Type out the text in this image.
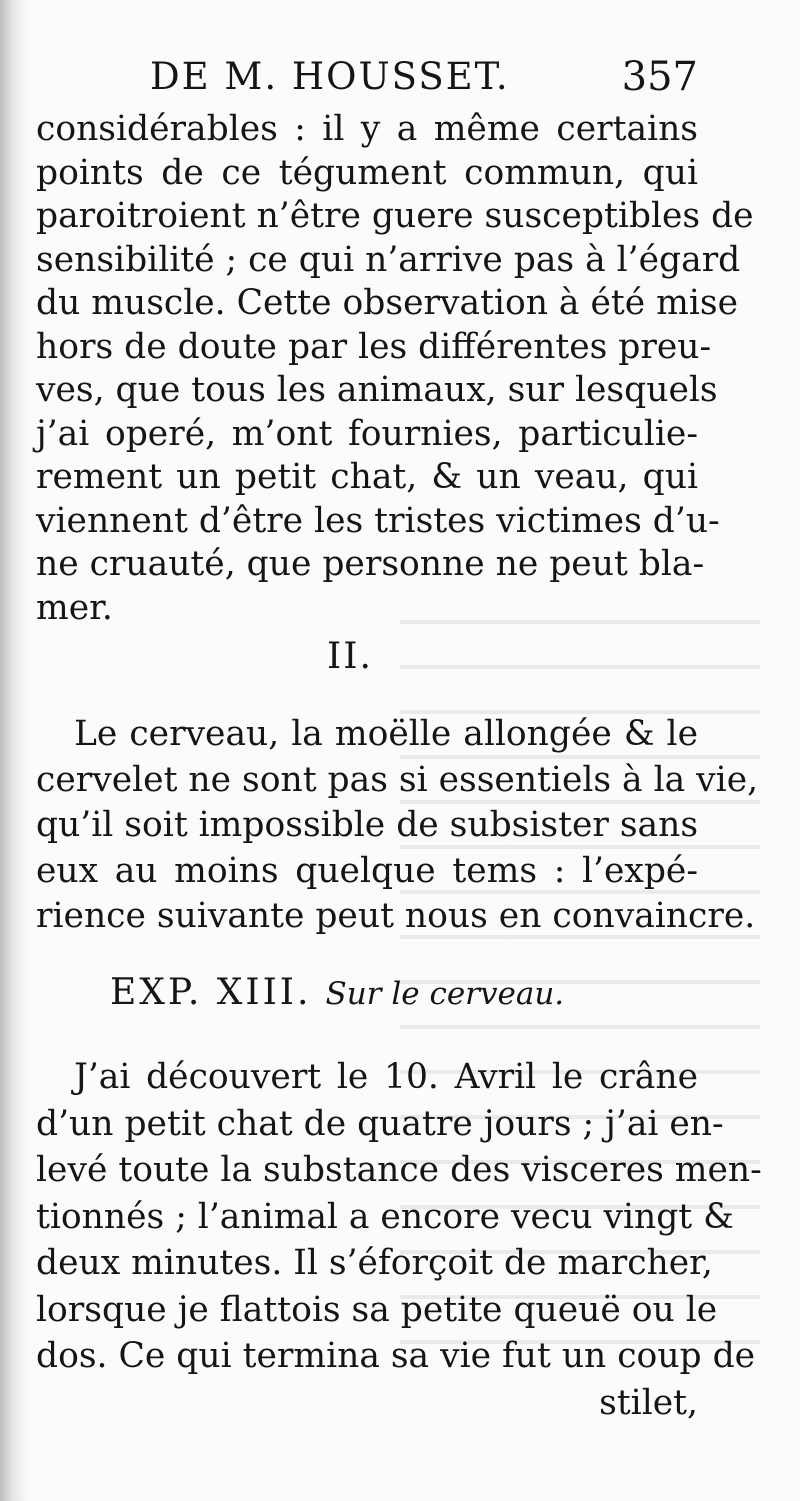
DE M. HOUSSET.	357
considérables : il y a même certains
points de ce tégument commun, qui
paroitroient n’être guere susceptibles de
sensibilité ; ce qui n’arrive pas à l’égard
du muscle. Cette observation à été mise
hors de doute par les différentes preu-
ves, que tous les animaux, sur lesquels
j’ai operé, m’ont fournies, particulie-
rement un petit chat, & un veau, qui
viennent d’être les tristes victimes d’u-
ne cruauté, que personne ne peut bla-
mer.
II.
Le cerveau, la moëlle allongée & le
cervelet ne sont pas si essentiels à la vie,
qu’il soit impossible de subsister sans
eux au moins quelque tems : l’expé-
rience suivante peut nous en convaincre.
EXP. XIII. Sur le cerveau.
J’ai découvert le 10. Avril le crâne
d’un petit chat de quatre jours ; j’ai en-
levé toute la substance des visceres men-
tionnés ; l’animal a encore vecu vingt &
deux minutes. Il s’éforçoit de marcher,
lorsque je flattois sa petite queuë ou le
dos. Ce qui termina sa vie fut un coup de
stilet,
